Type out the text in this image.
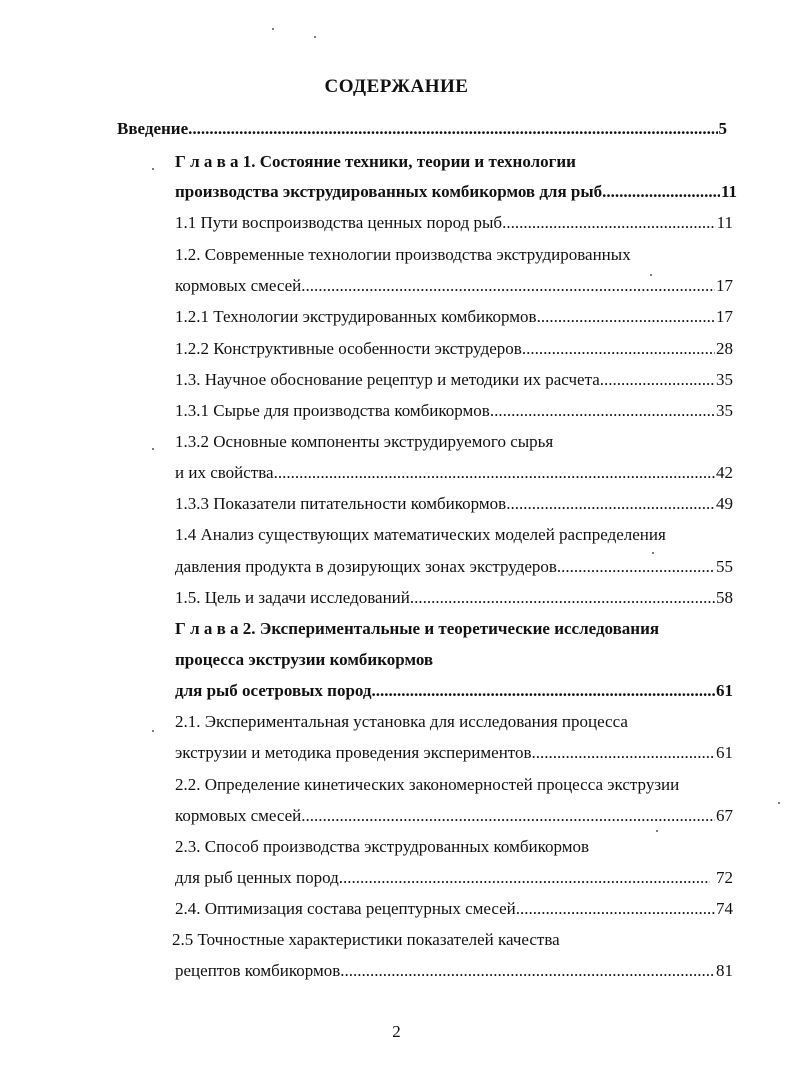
СОДЕРЖАНИЕ
Введение .....	5
Г л а в а 1. Состояние техники, теории и технологии
производства экструдированных комбикормов для рыб .....	11
1.1 Пути воспроизводства ценных пород рыб .....	11
1.2. Современные технологии производства экструдированных
кормовых смесей .....	17
1.2.1 Технологии экструдированных комбикормов .....	17
1.2.2 Конструктивные особенности экструдеров .....	28
1.3. Научное обоснование рецептур и методики их расчета .....	35
1.3.1 Сырье для производства комбикормов .....	35
1.3.2 Основные компоненты экструдируемого сырья
и их свойства .....	42
1.3.3 Показатели питательности комбикормов .....	49
1.4 Анализ существующих математических моделей распределения
давления продукта в дозирующих зонах экструдеров .....	55
1.5. Цель и задачи исследований .....	58
Г л а в а 2. Экспериментальные и теоретические исследования
процесса экструзии комбикормов
для рыб осетровых пород .....	61
2.1. Экспериментальная установка для исследования процесса
экструзии и методика проведения экспериментов .....	61
2.2. Определение кинетических закономерностей процесса экструзии
кормовых смесей .....	67
2.3. Способ производства экструдрованных комбикормов
для рыб ценных пород .....	72
2.4. Оптимизация состава рецептурных смесей .....	74
2.5 Точностные характеристики показателей качества
рецептов комбикормов .....	81
2
